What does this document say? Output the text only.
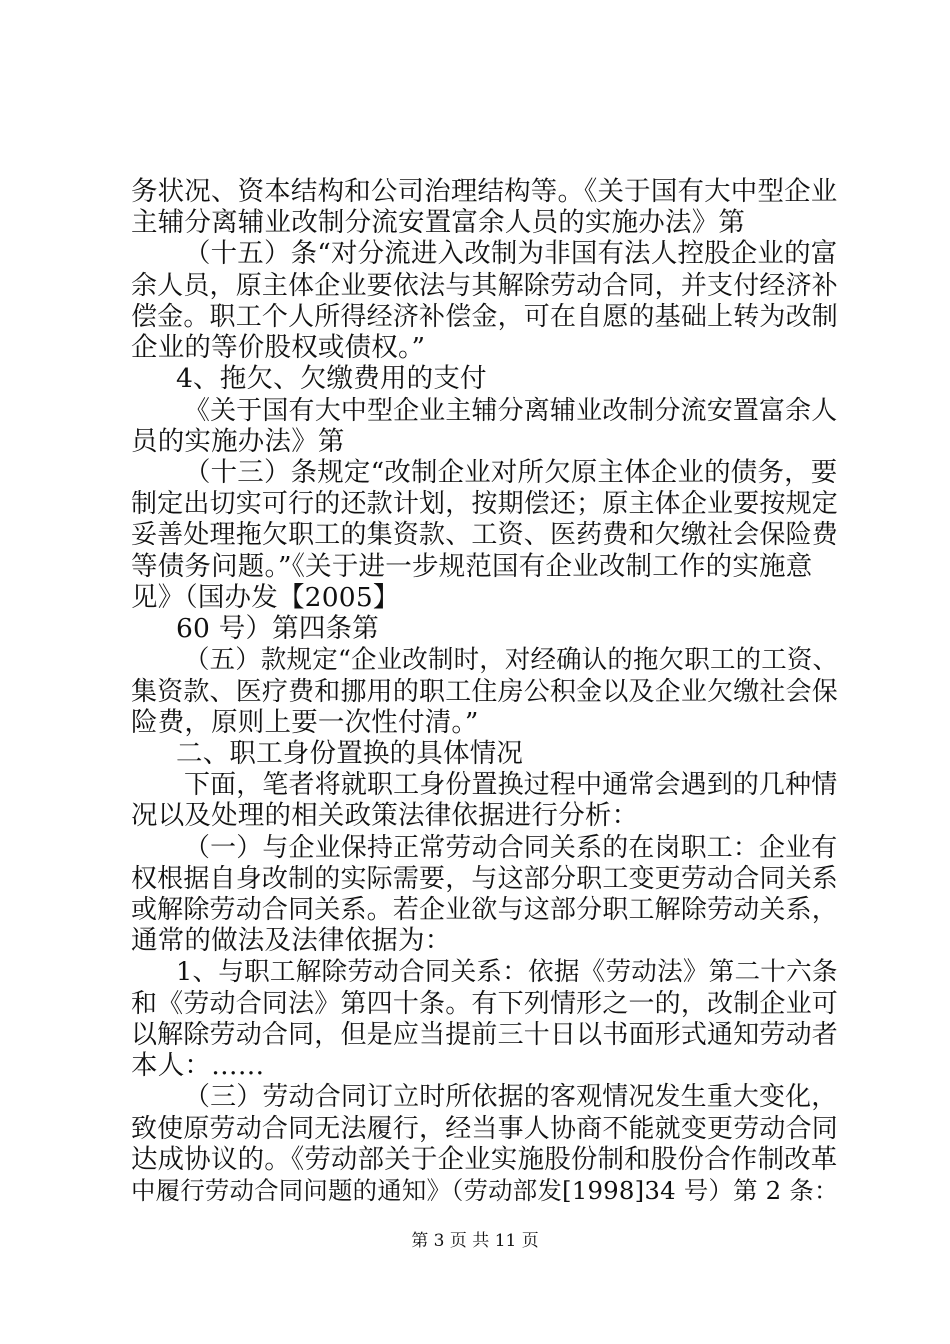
务状况、资本结构和公司治理结构等。《关于国有大中型企业
主辅分离辅业改制分流安置富余人员的实施办法》第
（十五）条“对分流进入改制为非国有法人控股企业的富
余人员，原主体企业要依法与其解除劳动合同，并支付经济补
偿金。职工个人所得经济补偿金，可在自愿的基础上转为改制
企业的等价股权或债权。”
4、拖欠、欠缴费用的支付
《关于国有大中型企业主辅分离辅业改制分流安置富余人
员的实施办法》第
（十三）条规定“改制企业对所欠原主体企业的债务，要
制定出切实可行的还款计划，按期偿还；原主体企业要按规定
妥善处理拖欠职工的集资款、工资、医药费和欠缴社会保险费
等债务问题。”《关于进一步规范国有企业改制工作的实施意
见》（国办发【2005】
60 号）第四条第
（五）款规定“企业改制时，对经确认的拖欠职工的工资、
集资款、医疗费和挪用的职工住房公积金以及企业欠缴社会保
险费，原则上要一次性付清。”
二、职工身份置换的具体情况
下面，笔者将就职工身份置换过程中通常会遇到的几种情
况以及处理的相关政策法律依据进行分析：
（一）与企业保持正常劳动合同关系的在岗职工：企业有
权根据自身改制的实际需要，与这部分职工变更劳动合同关系
或解除劳动合同关系。若企业欲与这部分职工解除劳动关系，
通常的做法及法律依据为：
1、与职工解除劳动合同关系：依据《劳动法》第二十六条
和《劳动合同法》第四十条。有下列情形之一的，改制企业可
以解除劳动合同，但是应当提前三十日以书面形式通知劳动者
本人：……
（三）劳动合同订立时所依据的客观情况发生重大变化，
致使原劳动合同无法履行，经当事人协商不能就变更劳动合同
达成协议的。《劳动部关于企业实施股份制和股份合作制改革
中履行劳动合同问题的通知》（劳动部发[1998]34 号）第 2 条：
第 3 页 共 11 页
